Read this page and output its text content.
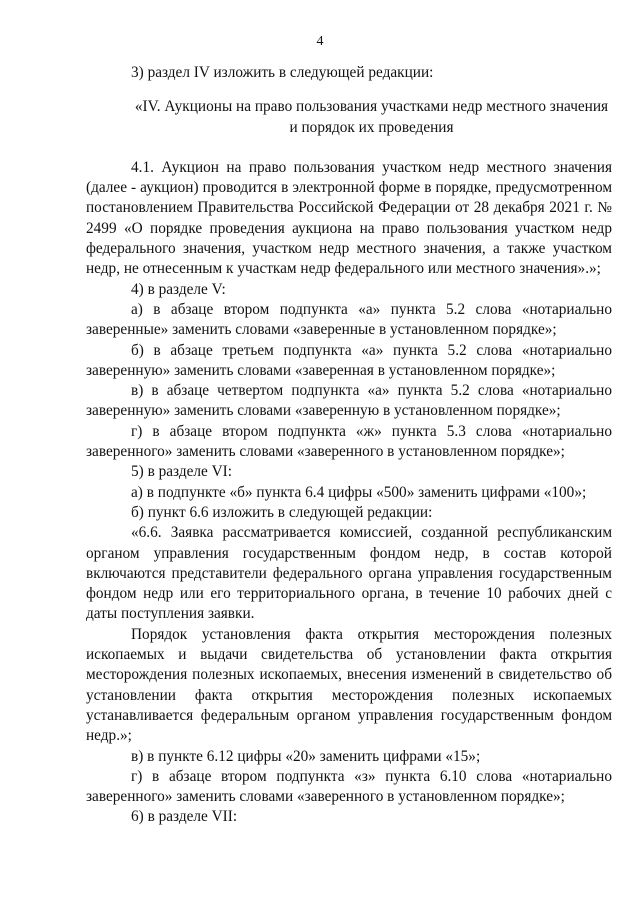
4

3) раздел IV изложить в следующей редакции:

«IV. Аукционы на право пользования участками недр местного значения и порядок их проведения

4.1. Аукцион на право пользования участком недр местного значения (далее - аукцион) проводится в электронной форме в порядке, предусмотренном постановлением Правительства Российской Федерации от 28 декабря 2021 г. № 2499 «О порядке проведения аукциона на право пользования участком недр федерального значения, участком недр местного значения, а также участком недр, не отнесенным к участкам недр федерального или местного значения».»;

4) в разделе V:

а) в абзаце втором подпункта «а» пункта 5.2 слова «нотариально заверенные» заменить словами «заверенные в установленном порядке»;

б) в абзаце третьем подпункта «а» пункта 5.2 слова «нотариально заверенную» заменить словами «заверенная в установленном порядке»;

в) в абзаце четвертом подпункта «а» пункта 5.2 слова «нотариально заверенную» заменить словами «заверенную в установленном порядке»;

г) в абзаце втором подпункта «ж» пункта 5.3 слова «нотариально заверенного» заменить словами «заверенного в установленном порядке»;

5) в разделе VI:

а) в подпункте «б» пункта 6.4 цифры «500» заменить цифрами «100»;

б) пункт 6.6 изложить в следующей редакции:

«6.6. Заявка рассматривается комиссией, созданной республиканским органом управления государственным фондом недр, в состав которой включаются представители федерального органа управления государственным фондом недр или его территориального органа, в течение 10 рабочих дней с даты поступления заявки.

Порядок установления факта открытия месторождения полезных ископаемых и выдачи свидетельства об установлении факта открытия месторождения полезных ископаемых, внесения изменений в свидетельство об установлении факта открытия месторождения полезных ископаемых устанавливается федеральным органом управления государственным фондом недр.»;

в) в пункте 6.12 цифры «20» заменить цифрами «15»;

г) в абзаце втором подпункта «з» пункта 6.10 слова «нотариально заверенного» заменить словами «заверенного в установленном порядке»;

6) в разделе VII:
